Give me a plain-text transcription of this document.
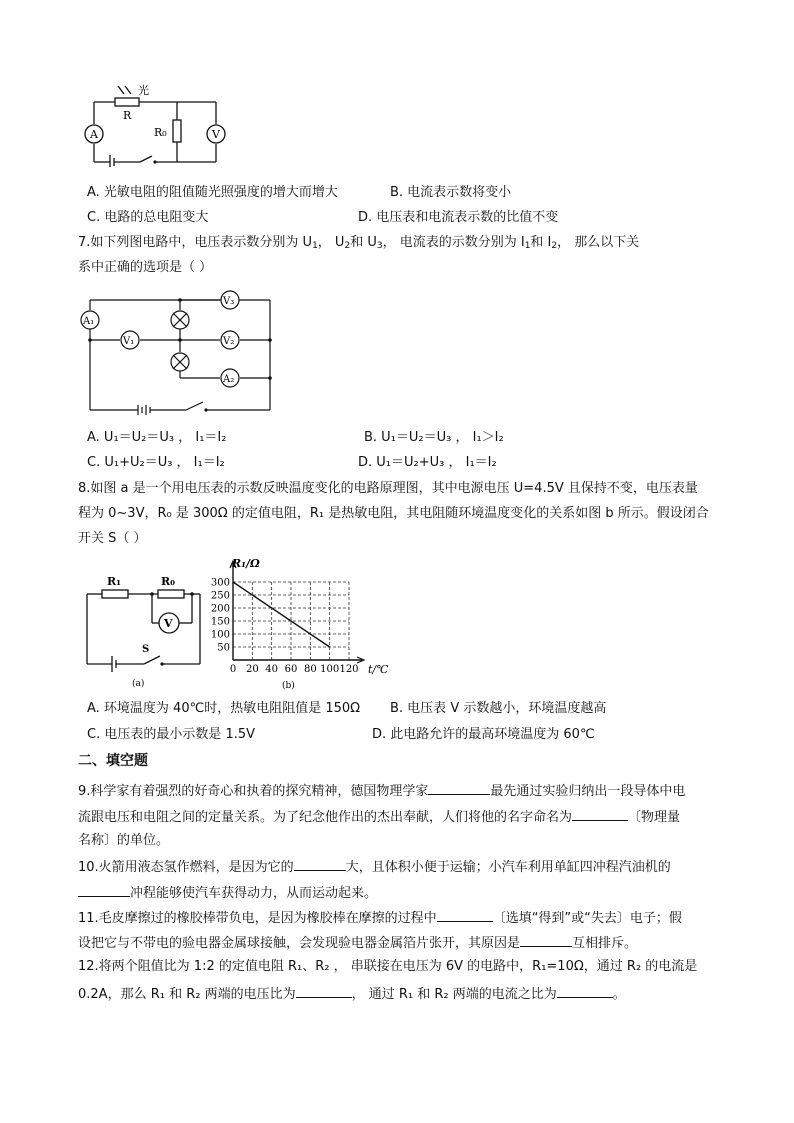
A	V
R
R₀
光
A. 光敏电阻的阻值随光照强度的增大而增大	B. 电流表示数将变小
C. 电路的总电阻变大	D. 电压表和电流表示数的比值不变
7.如下列图电路中，电压表示数分别为 $U_1$， $U_2$和 $U_3$， 电流表的示数分别为 $I_1$和 $I_2$， 那么以下关
系中正确的选项是（ ）
A₁
A₂
V₁	V₂
V₃
A. U₁＝U₂＝U₃ ， I₁＝I₂	B. U₁＝U₂＝U₃ ， I₁＞I₂
C. U₁+U₂＝U₃ ， I₁＝I₂	D. U₁＝U₂+U₃ ， I₁＝I₂
8.如图 a 是一个用电压表的示数反映温度变化的电路原理图，其中电源电压 U=4.5V 且保持不变，电压表量
程为 0~3V，R₀ 是 300Ω 的定值电阻，R₁ 是热敏电阻，其电阻随环境温度变化的关系如图 b 所示。假设闭合
开关 S（ ）
R₁	R₀
V
S
(a)
300
250
200
150
100
50
0 20 40 60 80 100 120
R₁/Ω
t/℃
(b)
A. 环境温度为 40℃时，热敏电阻阻值是 150Ω B. 电压表 V 示数越小，环境温度越高
C. 电压表的最小示数是 1.5V	D. 此电路允许的最高环境温度为 60℃
二、填空题
9.科学家有着强烈的好奇心和执着的探究精神，德国物理学家	最先通过实验归纳出一段导体中电
流跟电压和电阻之间的定量关系。为了纪念他作出的杰出奉献，人们将他的名字命名为	〔物理量
名称〕的单位。
10.火箭用液态氢作燃料，是因为它的	大，且体积小便于运输；小汽车利用单缸四冲程汽油机的
冲程能够使汽车获得动力，从而运动起来。
11.毛皮摩擦过的橡胶棒带负电，是因为橡胶棒在摩擦的过程中	〔选填“得到”或“失去〕电子；假
设把它与不带电的验电器金属球接触，会发现验电器金属箔片张开，其原因是	互相排斥。
12.将两个阻值比为 1:2 的定值电阻 R₁、R₂ ， 串联接在电压为 6V 的电路中，R₁=10Ω，通过 R₂ 的电流是
0.2A，那么 R₁ 和 R₂ 两端的电压比为	， 通过 R₁ 和 R₂ 两端的电流之比为	。
